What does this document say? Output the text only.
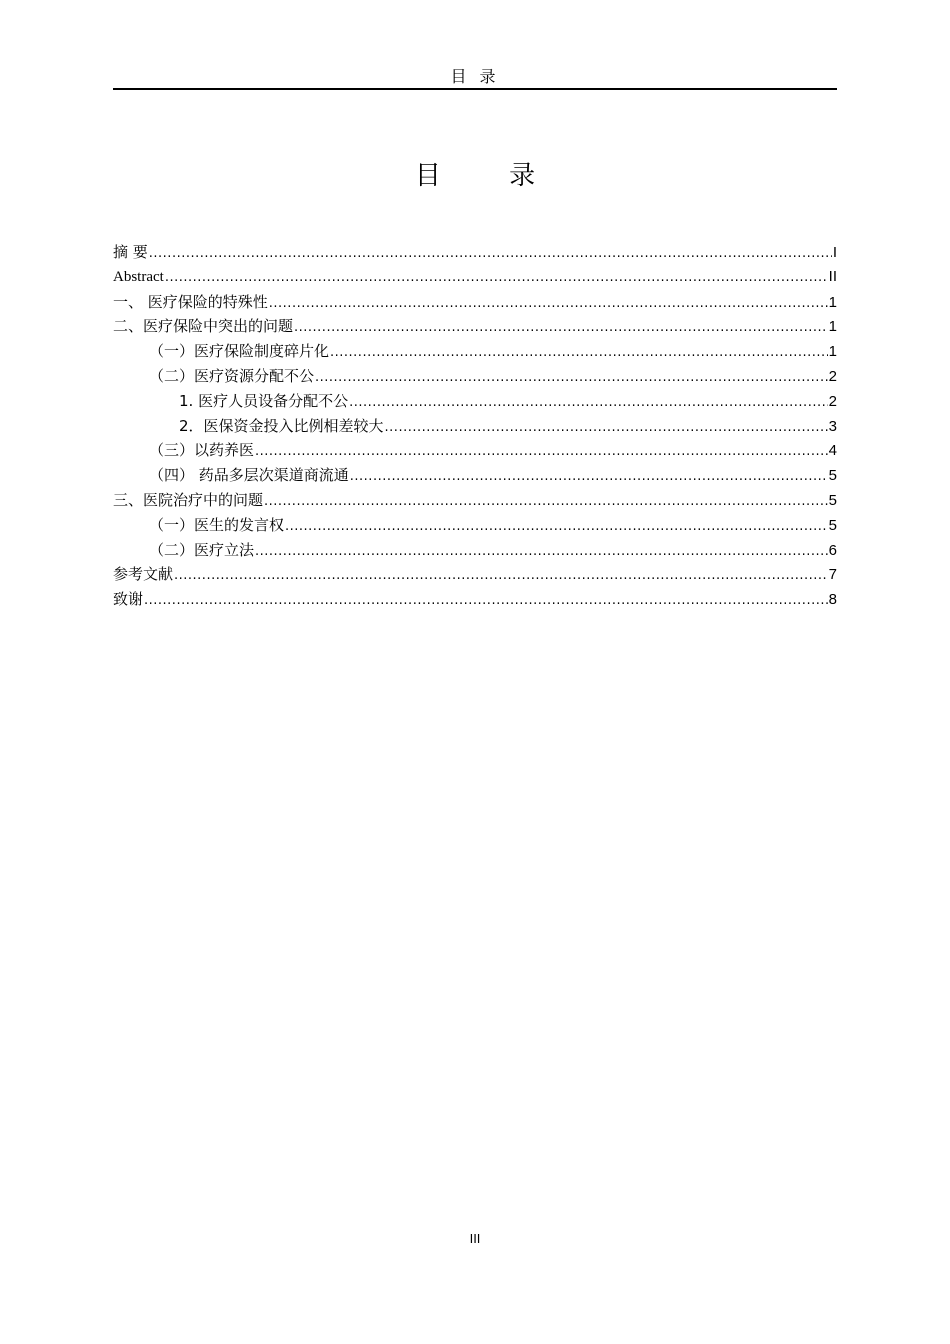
目 录
目 录
摘 要 .....	I
Abstract .....	II
一、 医疗保险的特殊性 .....	1
二、医疗保险中突出的问题 .....	1
（一）医疗保险制度碎片化 .....	1
（二）医疗资源分配不公 .....	2
1. 医疗人员设备分配不公 .....	2
2．医保资金投入比例相差较大 .....	3
（三）以药养医 .....	4
（四） 药品多层次渠道商流通 .....	5
三、医院治疗中的问题 .....	5
（一）医生的发言权 .....	5
（二）医疗立法 .....	6
参考文献 .....	7
致谢 .....	8
III
